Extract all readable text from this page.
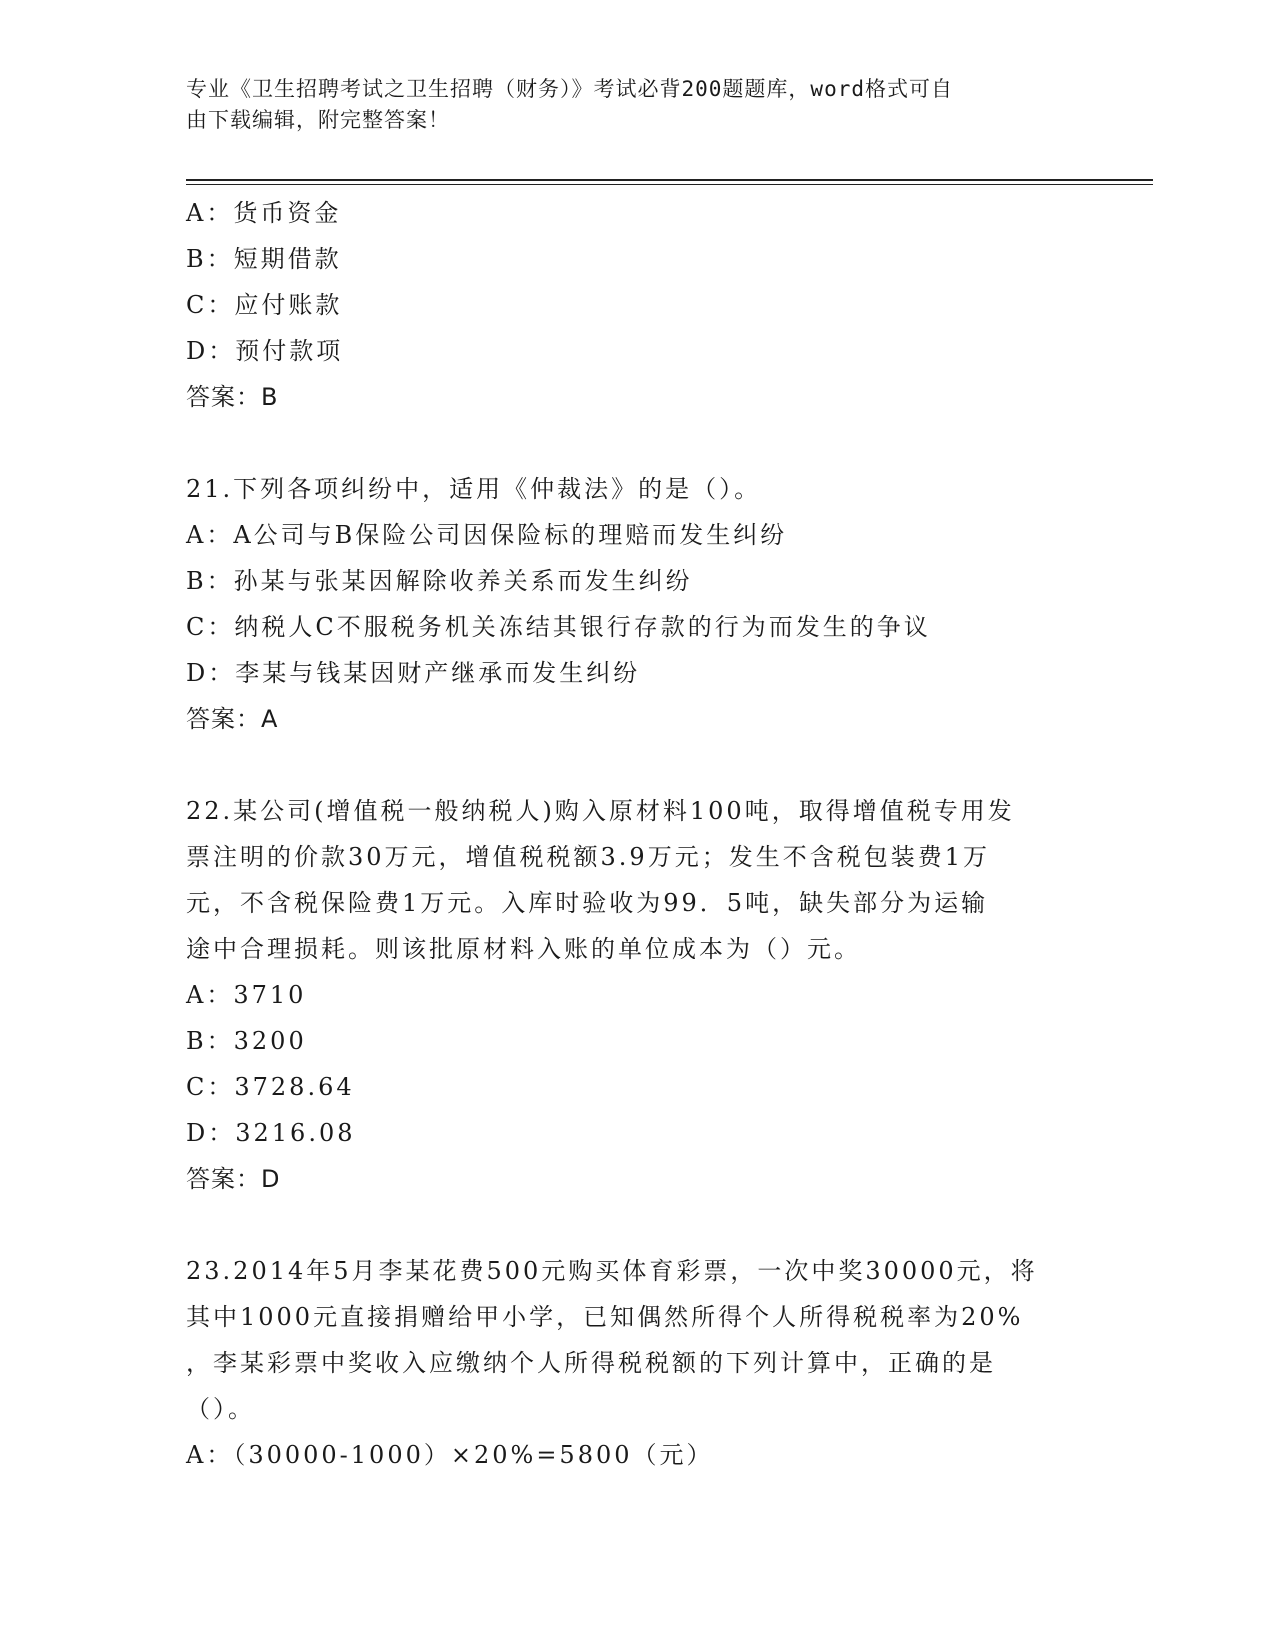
专业《卫生招聘考试之卫生招聘（财务）》考试必背200题题库，word格式可自
由下载编辑，附完整答案！
A：货币资金
B：短期借款
C：应付账款
D：预付款项
答案：B
21.下列各项纠纷中，适用《仲裁法》的是（）。
A：A公司与B保险公司因保险标的理赔而发生纠纷
B：孙某与张某因解除收养关系而发生纠纷
C：纳税人C不服税务机关冻结其银行存款的行为而发生的争议
D：李某与钱某因财产继承而发生纠纷
答案：A
22.某公司(增值税一般纳税人)购入原材料100吨，取得增值税专用发
票注明的价款30万元，增值税税额3.9万元；发生不含税包装费1万
元，不含税保险费1万元。入库时验收为99．5吨，缺失部分为运输
途中合理损耗。则该批原材料入账的单位成本为（）元。
A：3710
B：3200
C：3728.64
D：3216.08
答案：D
23.2014年5月李某花费500元购买体育彩票，一次中奖30000元，将
其中1000元直接捐赠给甲小学，已知偶然所得个人所得税税率为20%
，李某彩票中奖收入应缴纳个人所得税税额的下列计算中，正确的是
（）。
A：（30000-1000）×20%=5800（元）
